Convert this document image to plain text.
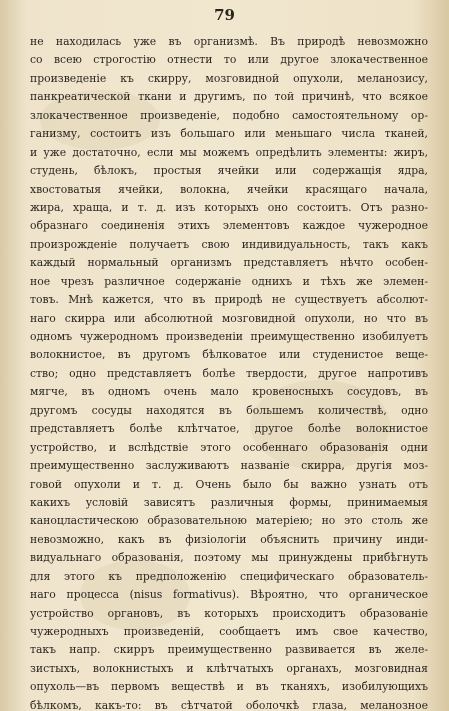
79
не находилась уже въ организмѣ. Въ природѣ невозможно
со всею строгостію отнести то или другое злокачественное
произведеніе къ скирру, мозговидной опухоли, меланозису,
панкреатической ткани и другимъ, по той причинѣ, что всякое
злокачественное произведеніе, подобно самостоятельному ор-
ганизму, состоитъ изъ большаго или меньшаго числа тканей,
и уже достаточно, если мы можемъ опредѣлить элементы: жиръ,
студень, бѣлокъ, простыя ячейки или содержащія ядра,
хвостоватыя ячейки, волокна, ячейки красящаго начала,
жира, храща, и т. д. изъ которыхъ оно состоитъ. Отъ разно-
образнаго соединенія этихъ элементовъ каждое чужеродное
произрожденіе получаетъ свою индивидуальность, такъ какъ
каждый нормальный организмъ представляетъ нѣчто особен-
ное чрезъ различное содержаніе однихъ и тѣхъ же элемен-
товъ. Мнѣ кажется, что въ природѣ не существуетъ абсолют-
наго скирра или абсолютной мозговидной опухоли, но что въ
одномъ чужеродномъ произведеніи преимущественно изобилуетъ
волокнистое, въ другомъ бѣлковатое или студенистое веще-
ство; одно представляетъ болѣе твердости, другое напротивъ
мягче, въ одномъ очень мало кровеносныхъ сосудовъ, въ
другомъ сосуды находятся въ большемъ количествѣ, одно
представляетъ болѣе клѣтчатое, другое болѣе волокнистое
устройство, и вслѣдствіе этого особеннаго образованія одни
преимущественно заслуживаютъ названіе скирра, другія моз-
говой опухоли и т. д. Очень было бы важно узнать отъ
какихъ условій зависятъ различныя формы, принимаемыя
каноцластическою образовательною матеріею; но это столь же
невозможно, какъ въ физіологіи объяснить причину инди-
видуальнаго образованія, поэтому мы принуждены прибѣгнуть
для этого къ предположенію специфическаго образователь-
наго процесса (nisus formativus). Вѣроятно, что органическое
устройство органовъ, въ которыхъ происходитъ образованіе
чужеродныхъ произведеній, сообщаетъ имъ свое качество,
такъ напр. скирръ преимущественно развивается въ желе-
зистыхъ, волокнистыхъ и клѣтчатыхъ органахъ, мозговидная
опухоль—въ первомъ веществѣ и въ тканяхъ, изобилующихъ
бѣлкомъ, какъ-то: въ сѣтчатой оболочкѣ глаза, меланозное
